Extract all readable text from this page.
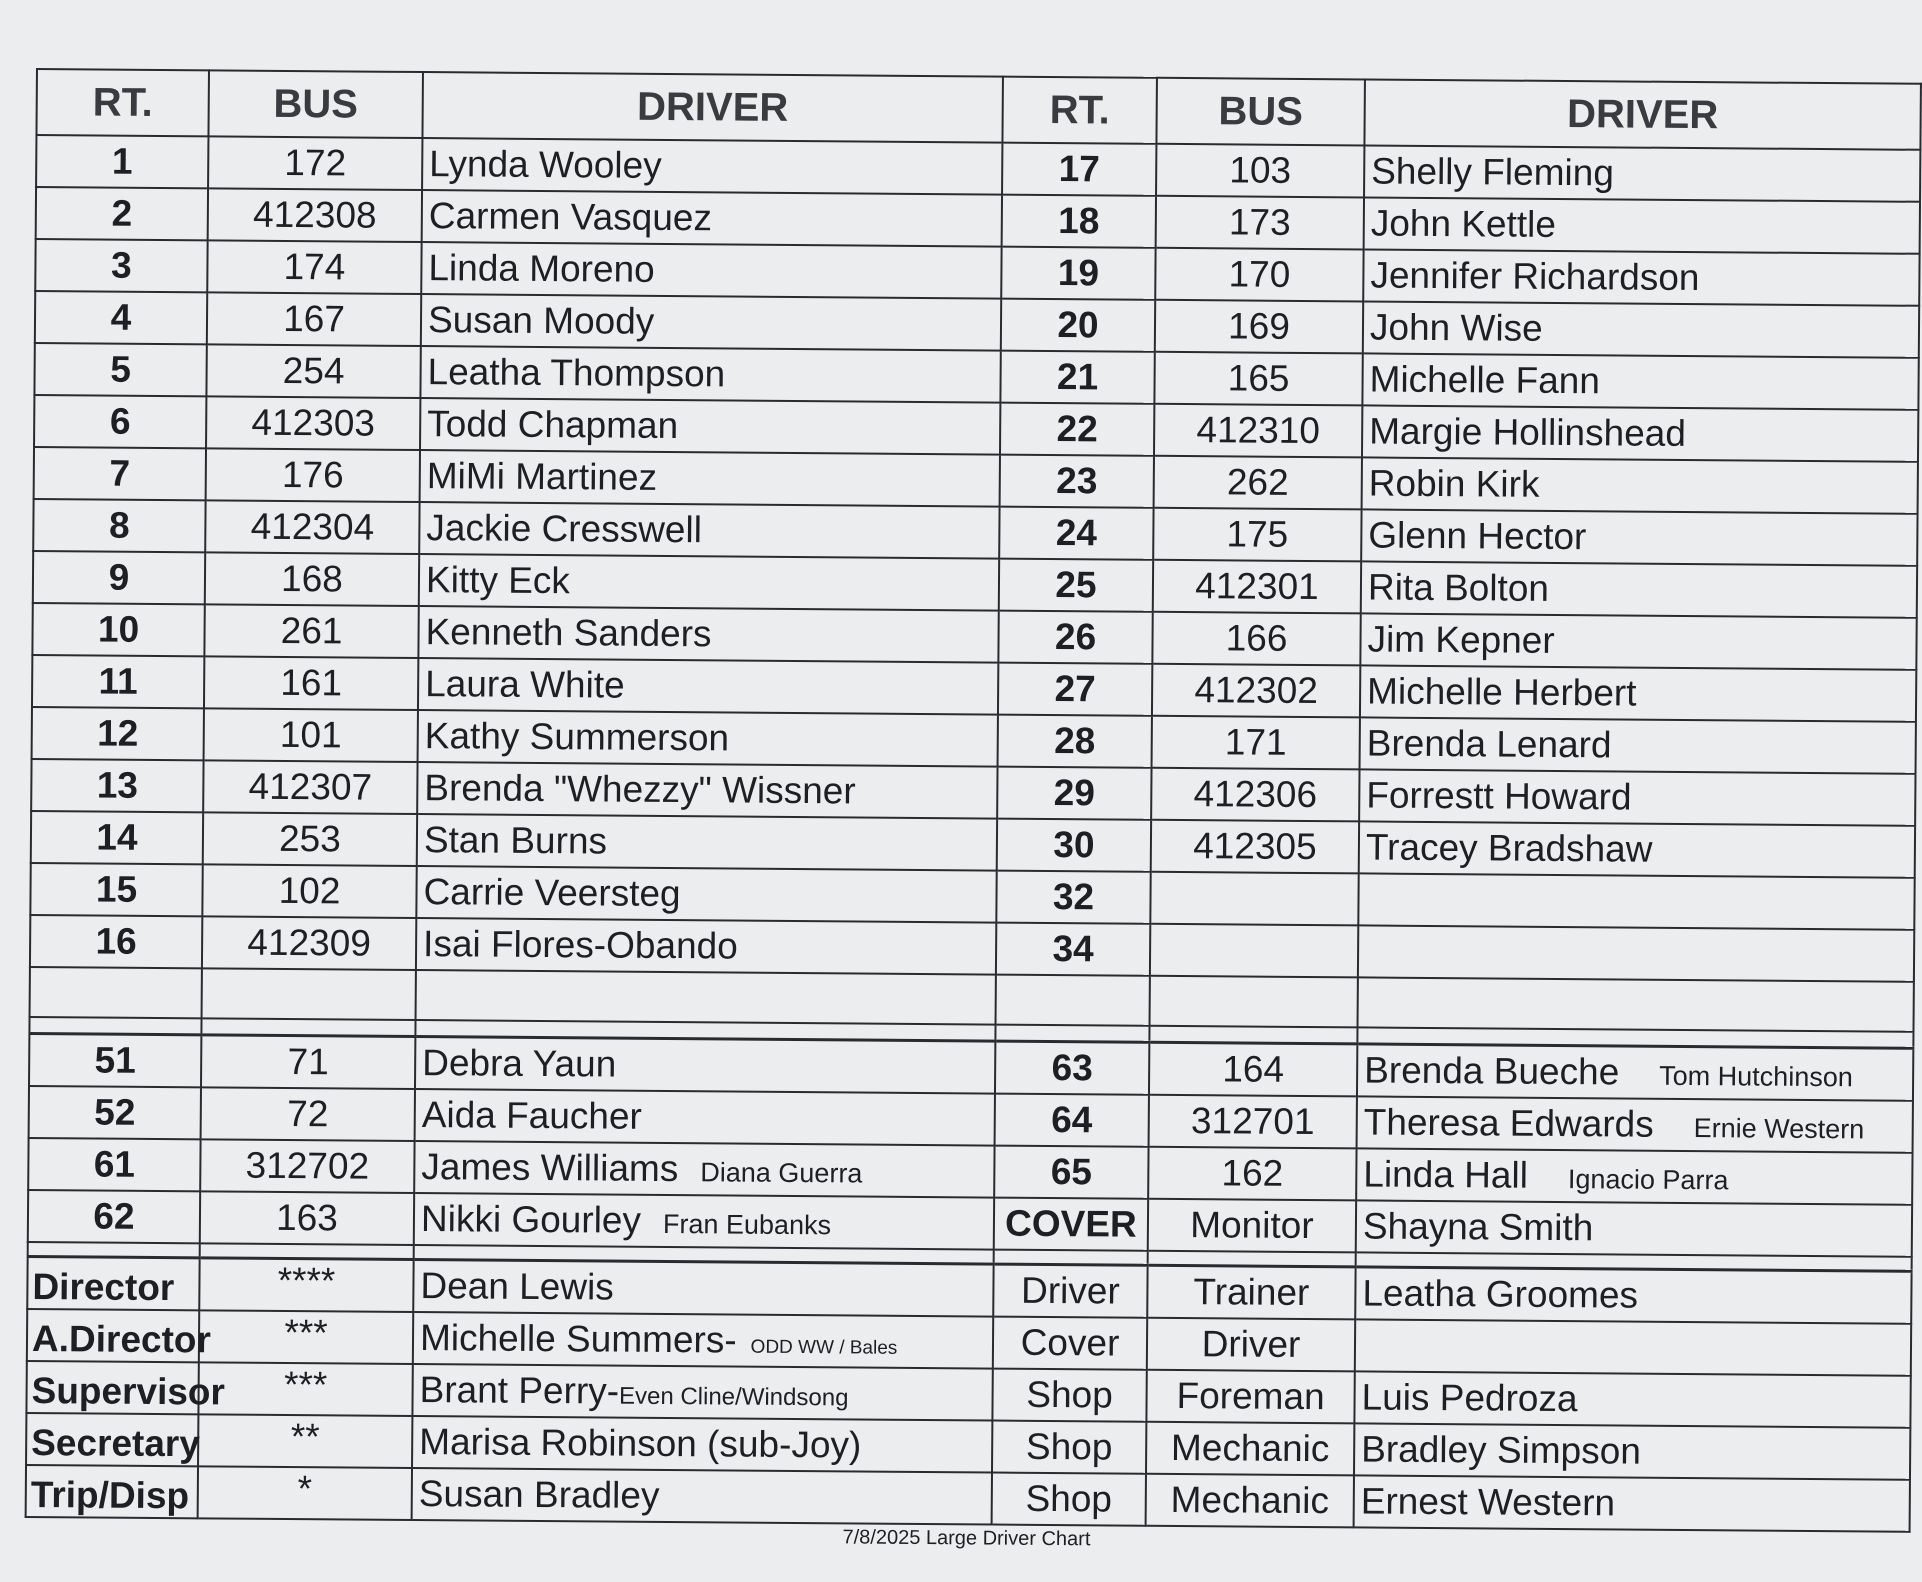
RT.	BUS	DRIVER	RT.	BUS	DRIVER
1	172	Lynda Wooley	17	103	Shelly Fleming
2	412308	Carmen Vasquez	18	173	John Kettle
3	174	Linda Moreno	19	170	Jennifer Richardson
4	167	Susan Moody	20	169	John Wise
5	254	Leatha Thompson	21	165	Michelle Fann
6	412303	Todd Chapman	22	412310	Margie Hollinshead
7	176	MiMi Martinez	23	262	Robin Kirk
8	412304	Jackie Cresswell	24	175	Glenn Hector
9	168	Kitty Eck	25	412301	Rita Bolton
10	261	Kenneth Sanders	26	166	Jim Kepner
11	161	Laura White	27	412302	Michelle Herbert
12	101	Kathy Summerson	28	171	Brenda Lenard
13	412307	Brenda "Whezzy" Wissner	29	412306	Forrestt Howard
14	253	Stan Burns	30	412305	Tracey Bradshaw
15	102	Carrie Veersteg	32		
16	412309	Isai Flores-Obando	34		

51	71	Debra Yaun	63	164	Brenda Bueche Tom Hutchinson
52	72	Aida Faucher	64	312701	Theresa Edwards Ernie Western
61	312702	James Williams Diana Guerra	65	162	Linda Hall Ignacio Parra
62	163	Nikki Gourley Fran Eubanks	COVER	Monitor	Shayna Smith

Director	****	Dean Lewis	Driver	Trainer	Leatha Groomes
A.Director	***	Michelle Summers- ODD WW / Bales	Cover	Driver	
Supervisor	***	Brant Perry-Even Cline/Windsong	Shop	Foreman	Luis Pedroza
Secretary	**	Marisa Robinson (sub-Joy)	Shop	Mechanic	Bradley Simpson
Trip/Disp	*	Susan Bradley	Shop	Mechanic	Ernest Western
7/8/2025 Large Driver Chart
